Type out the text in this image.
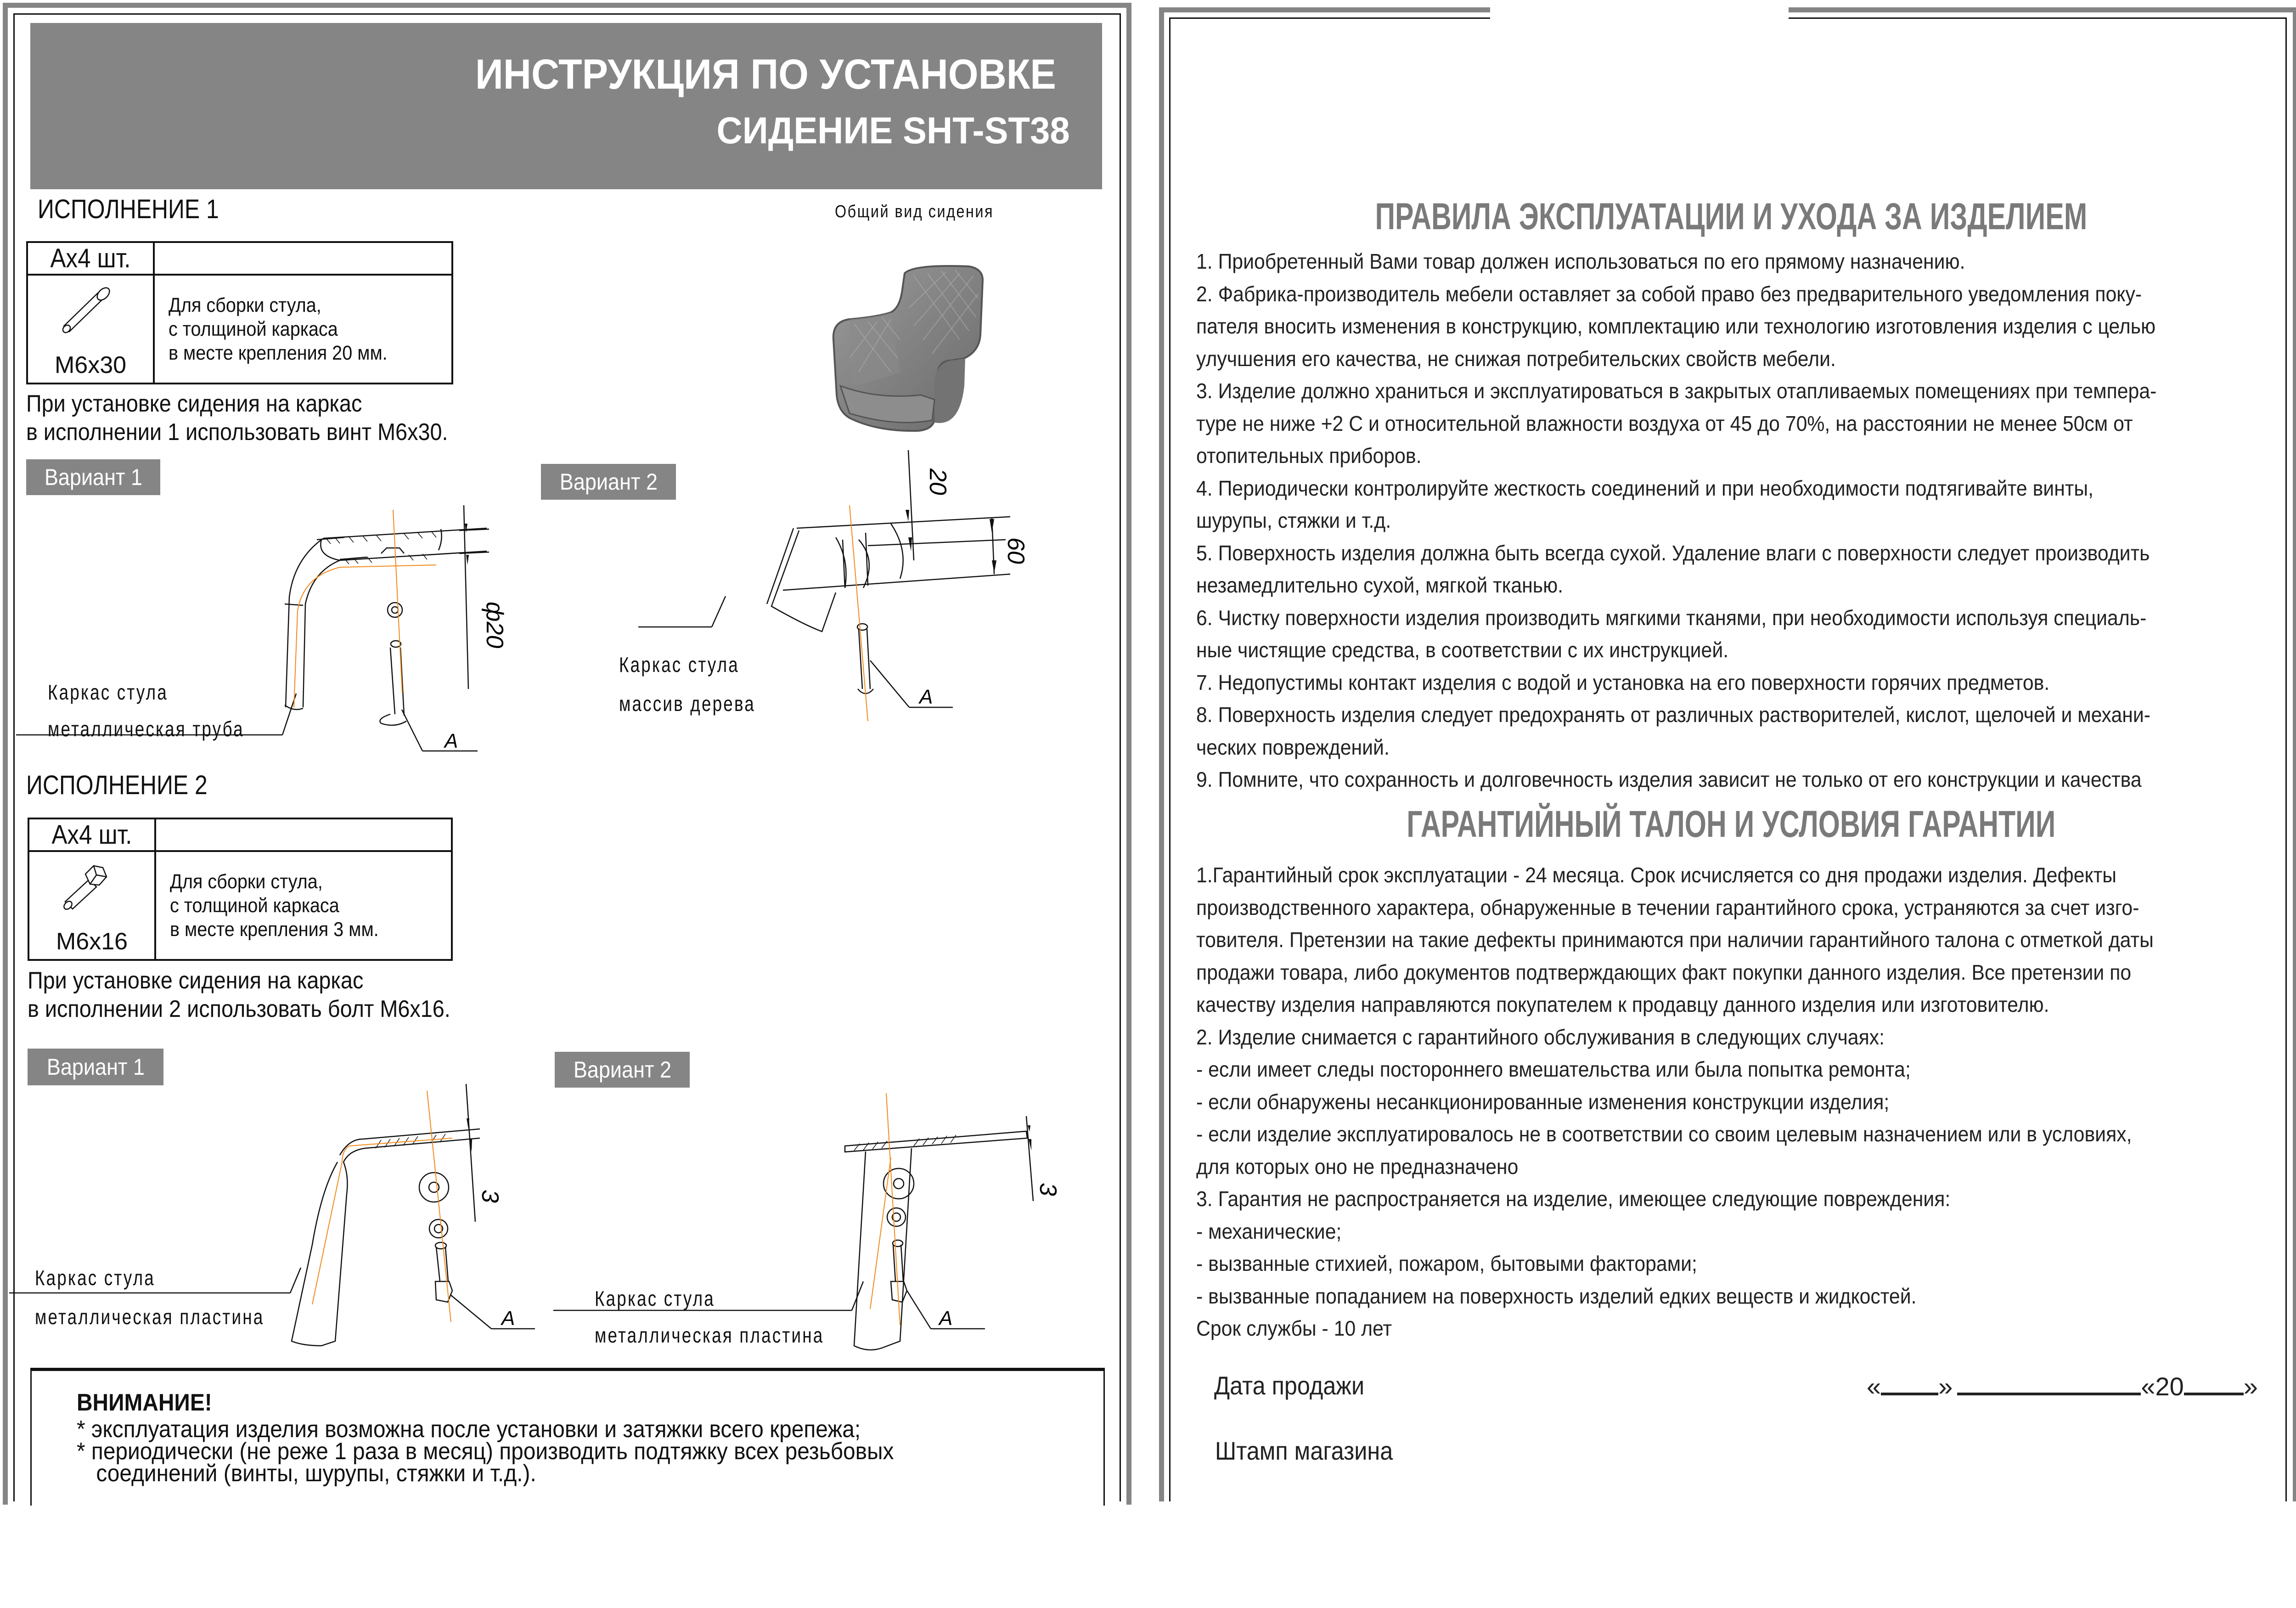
ИНСТРУКЦИЯ ПО УСТАНОВКЕ
СИДЕНИЕ SHT-ST38
ИСПОЛНЕНИЕ 1	Общий вид сидения
Ах4 шт.	

М6х30	Для сборки стула,
с толщиной каркаса
в месте крепления 20 мм.
При установке сидения на каркас
в исполнении 1 использовать винт М6х30.
Вариант 1	Вариант 2
ф20
А
Каркас стула
металлическая труба
20
60
А
Каркас стула
массив дерева
ИСПОЛНЕНИЕ 2
Ах4 шт.	

М6х16	Для сборки стула,
с толщиной каркаса
в месте крепления 3 мм.
При установке сидения на каркас
в исполнении 2 использовать болт М6х16.
Вариант 1	Вариант 2
3
А
Каркас стула
металлическая пластина
3
А
Каркас стула
металлическая пластина
ВНИМАНИЕ!
* эксплуатация изделия возможна после установки и затяжки всего крепежа;
* периодически (не реже 1 раза в месяц) производить подтяжку всех резьбовых
соединений (винты, шурупы, стяжки и т.д.).
ПРАВИЛА ЭКСПЛУАТАЦИИ И УХОДА ЗА ИЗДЕЛИЕМ
1. Приобретенный Вами товар должен использоваться по его прямому назначению.
2. Фабрика-производитель мебели оставляет за собой право без предварительного уведомления поку-
пателя вносить изменения в конструкцию, комплектацию или технологию изготовления изделия с целью
улучшения его качества, не снижая потребительских свойств мебели.
3. Изделие должно храниться и эксплуатироваться в закрытых отапливаемых помещениях при темпера-
туре не ниже +2 С и относительной влажности воздуха от 45 до 70%, на расстоянии не менее 50см от
отопительных приборов.
4. Периодически контролируйте жесткость соединений и при необходимости подтягивайте винты,
шурупы, стяжки и т.д.
5. Поверхность изделия должна быть всегда сухой. Удаление влаги с поверхности следует производить
незамедлительно сухой, мягкой тканью.
6. Чистку поверхности изделия производить мягкими тканями, при необходимости используя специаль-
ные чистящие средства, в соответствии с их инструкцией.
7. Недопустимы контакт изделия с водой и установка на его поверхности горячих предметов.
8. Поверхность изделия следует предохранять от различных растворителей, кислот, щелочей и механи-
ческих повреждений.
9. Помните, что сохранность и долговечность изделия зависит не только от его конструкции и качества
ГАРАНТИЙНЫЙ ТАЛОН И УСЛОВИЯ ГАРАНТИИ
1.Гарантийный срок эксплуатации - 24 месяца. Срок исчисляется со дня продажи изделия. Дефекты
производственного характера, обнаруженные в течении гарантийного срока, устраняются за счет изго-
товителя. Претензии на такие дефекты принимаются при наличии гарантийного талона с отметкой даты
продажи товара, либо документов подтверждающих факт покупки данного изделия. Все претензии по
качеству изделия направляются покупателем к продавцу данного изделия или изготовителю.
2. Изделие снимается с гарантийного обслуживания в следующих случаях:
- если имеет следы постороннего вмешательства или была попытка ремонта;
- если обнаружены несанкционированные изменения конструкции изделия;
- если изделие эксплуатировалось не в соответствии со своим целевым назначением или в условиях,
для которых оно не предназначено
3. Гарантия не распространяется на изделие, имеющее следующие повреждения:
- механические;
- вызванные стихией, пожаром, бытовыми факторами;
- вызванные попаданием на поверхность изделий едких веществ и жидкостей.
Срок службы - 10 лет
Дата продажи	« »	«20 »
Штамп магазина
